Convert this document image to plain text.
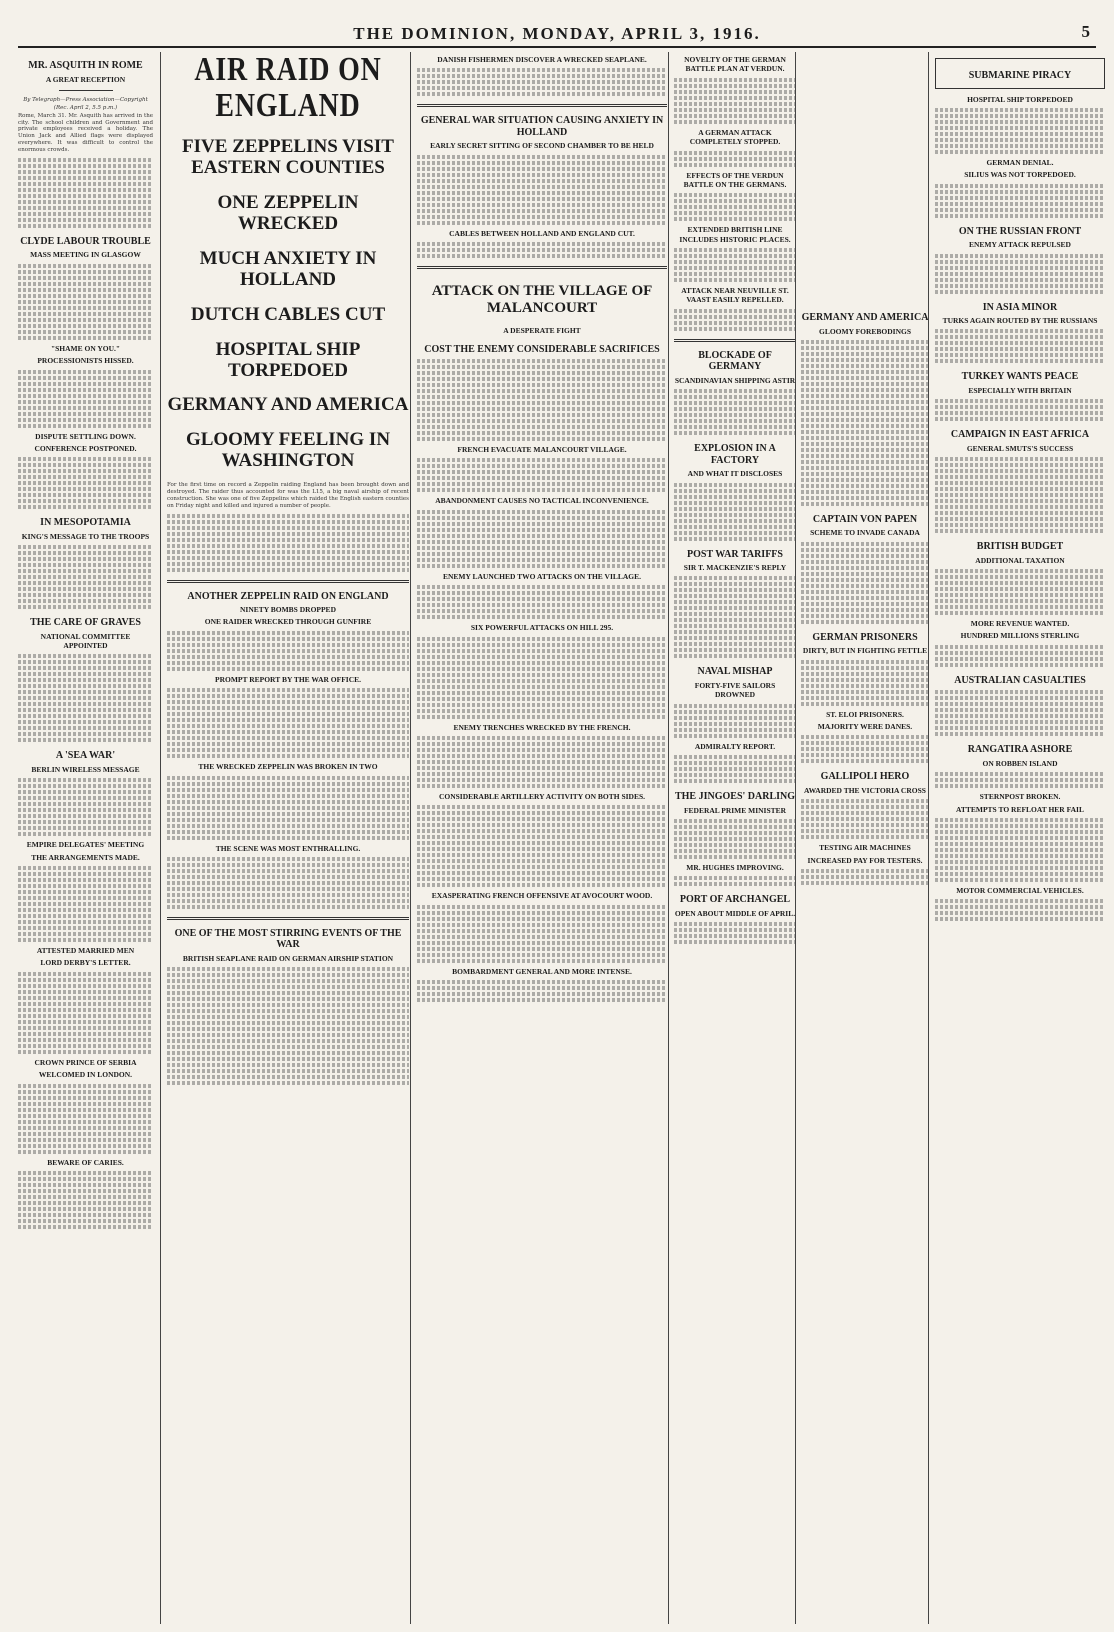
THE DOMINION, MONDAY, APRIL 3, 1916.	5
MR. ASQUITH IN ROME
A GREAT RECEPTION

By Telegraph—Press Association—Copyright

(Rec. April 2, 5.5 p.m.)

Rome, March 31. Mr. Asquith has arrived in the city. The school children and Government and private employees received a holiday. The Union Jack and Allied flags were displayed everywhere. It was difficult to control the enormous crowds.

CLYDE LABOUR TROUBLE
MASS MEETING IN GLASGOW
"SHAME ON YOU."
PROCESSIONISTS HISSED.
DISPUTE SETTLING DOWN.
CONFERENCE POSTPONED.
IN MESOPOTAMIA
KING'S MESSAGE TO THE TROOPS
THE CARE OF GRAVES
NATIONAL COMMITTEE APPOINTED
A 'SEA WAR'
BERLIN WIRELESS MESSAGE
EMPIRE DELEGATES' MEETING
THE ARRANGEMENTS MADE.
ATTESTED MARRIED MEN
LORD DERBY'S LETTER.
CROWN PRINCE OF SERBIA
WELCOMED IN LONDON.
BEWARE OF CARIES.
AIR RAID ON ENGLAND
FIVE ZEPPELINS VISIT EASTERN COUNTIES
ONE ZEPPELIN WRECKED
MUCH ANXIETY IN HOLLAND
DUTCH CABLES CUT
HOSPITAL SHIP TORPEDOED
GERMANY AND AMERICA
GLOOMY FEELING IN WASHINGTON

For the first time on record a Zeppelin raiding England has been brought down and destroyed. The raider thus accounted for was the L15, a big naval airship of recent construction. She was one of five Zeppelins which raided the English eastern counties on Friday night and killed and injured a number of people.

ANOTHER ZEPPELIN RAID ON ENGLAND
NINETY BOMBS DROPPED
ONE RAIDER WRECKED THROUGH GUNFIRE
PROMPT REPORT BY THE WAR OFFICE.
THE WRECKED ZEPPELIN WAS BROKEN IN TWO
THE SCENE WAS MOST ENTHRALLING.
ONE OF THE MOST STIRRING EVENTS OF THE WAR
BRITISH SEAPLANE RAID ON GERMAN AIRSHIP STATION
DANISH FISHERMEN DISCOVER A WRECKED SEAPLANE.
GENERAL WAR SITUATION CAUSING ANXIETY IN HOLLAND
EARLY SECRET SITTING OF SECOND CHAMBER TO BE HELD
CABLES BETWEEN HOLLAND AND ENGLAND CUT.
ATTACK ON THE VILLAGE OF MALANCOURT
A DESPERATE FIGHT
COST THE ENEMY CONSIDERABLE SACRIFICES
FRENCH EVACUATE MALANCOURT VILLAGE.
ABANDONMENT CAUSES NO TACTICAL INCONVENIENCE.
ENEMY LAUNCHED TWO ATTACKS ON THE VILLAGE.
SIX POWERFUL ATTACKS ON HILL 295.
ENEMY TRENCHES WRECKED BY THE FRENCH.
CONSIDERABLE ARTILLERY ACTIVITY ON BOTH SIDES.
EXASPERATING FRENCH OFFENSIVE AT AVOCOURT WOOD.
BOMBARDMENT GENERAL AND MORE INTENSE.
NOVELTY OF THE GERMAN BATTLE PLAN AT VERDUN.
A GERMAN ATTACK COMPLETELY STOPPED.
EFFECTS OF THE VERDUN BATTLE ON THE GERMANS.
EXTENDED BRITISH LINE INCLUDES HISTORIC PLACES.
ATTACK NEAR NEUVILLE ST. VAAST EASILY REPELLED.
BLOCKADE OF GERMANY
SCANDINAVIAN SHIPPING ASTIR
EXPLOSION IN A FACTORY
AND WHAT IT DISCLOSES
POST WAR TARIFFS
SIR T. MACKENZIE'S REPLY
NAVAL MISHAP
FORTY-FIVE SAILORS DROWNED
ADMIRALTY REPORT.
THE JINGOES' DARLING
FEDERAL PRIME MINISTER
MR. HUGHES IMPROVING.
PORT OF ARCHANGEL
OPEN ABOUT MIDDLE OF APRIL.
GERMANY AND AMERICA
GLOOMY FOREBODINGS
CAPTAIN VON PAPEN
SCHEME TO INVADE CANADA
GERMAN PRISONERS
DIRTY, BUT IN FIGHTING FETTLE
ST. ELOI PRISONERS.
MAJORITY WERE DANES.
GALLIPOLI HERO
AWARDED THE VICTORIA CROSS
TESTING AIR MACHINES
INCREASED PAY FOR TESTERS.
SUBMARINE PIRACY
HOSPITAL SHIP TORPEDOED
GERMAN DENIAL.
SILIUS WAS NOT TORPEDOED.
ON THE RUSSIAN FRONT
ENEMY ATTACK REPULSED
IN ASIA MINOR
TURKS AGAIN ROUTED BY THE RUSSIANS
TURKEY WANTS PEACE
ESPECIALLY WITH BRITAIN
CAMPAIGN IN EAST AFRICA
GENERAL SMUTS'S SUCCESS
BRITISH BUDGET
ADDITIONAL TAXATION
MORE REVENUE WANTED.
HUNDRED MILLIONS STERLING
AUSTRALIAN CASUALTIES
RANGATIRA ASHORE
ON ROBBEN ISLAND
STERNPOST BROKEN.
ATTEMPTS TO REFLOAT HER FAIL
MOTOR COMMERCIAL VEHICLES.
